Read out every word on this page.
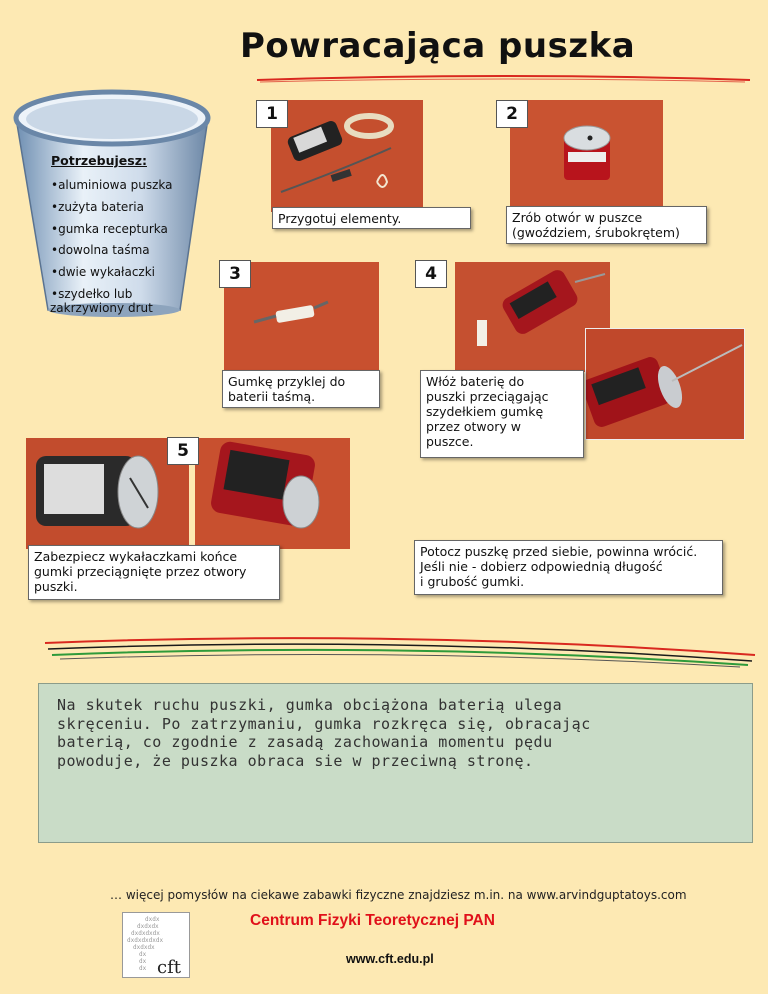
Powracająca puszka
Potrzebujesz:
•aluminiowa puszka
•zużyta bateria
•gumka recepturka
•dowolna taśma
•dwie wykałaczki
•szydełko lub
zakrzywiony drut
1
Przygotuj elementy.
2
Zrób otwór w puszce
(gwoździem, śrubokrętem)
3
Gumkę przyklej do
baterii taśmą.
4
Włóż baterię do
puszki przeciągając
szydełkiem gumkę
przez otwory w
puszce.
5
Zabezpiecz wykałaczkami końce
gumki przeciągnięte przez otwory
puszki.
Potocz puszkę przed siebie, powinna wrócić.
Jeśli nie - dobierz odpowiednią długość
i grubość gumki.
Na skutek ruchu puszki, gumka obciążona baterią ulega
skręceniu. Po zatrzymaniu, gumka rozkręca się, obracając
baterią, co zgodnie z zasadą zachowania momentu pędu
powoduje, że puszka obraca sie w przeciwną stronę.
… więcej pomysłów na ciekawe zabawki fizyczne znajdziesz m.in. na www.arvindguptatoys.com
dxdx
dxdxdx
dxdxdxdx
dxdxdxdxdx
dxdxdx
dx
dx
dx cft
Centrum Fizyki Teoretycznej PAN
www.cft.edu.pl
